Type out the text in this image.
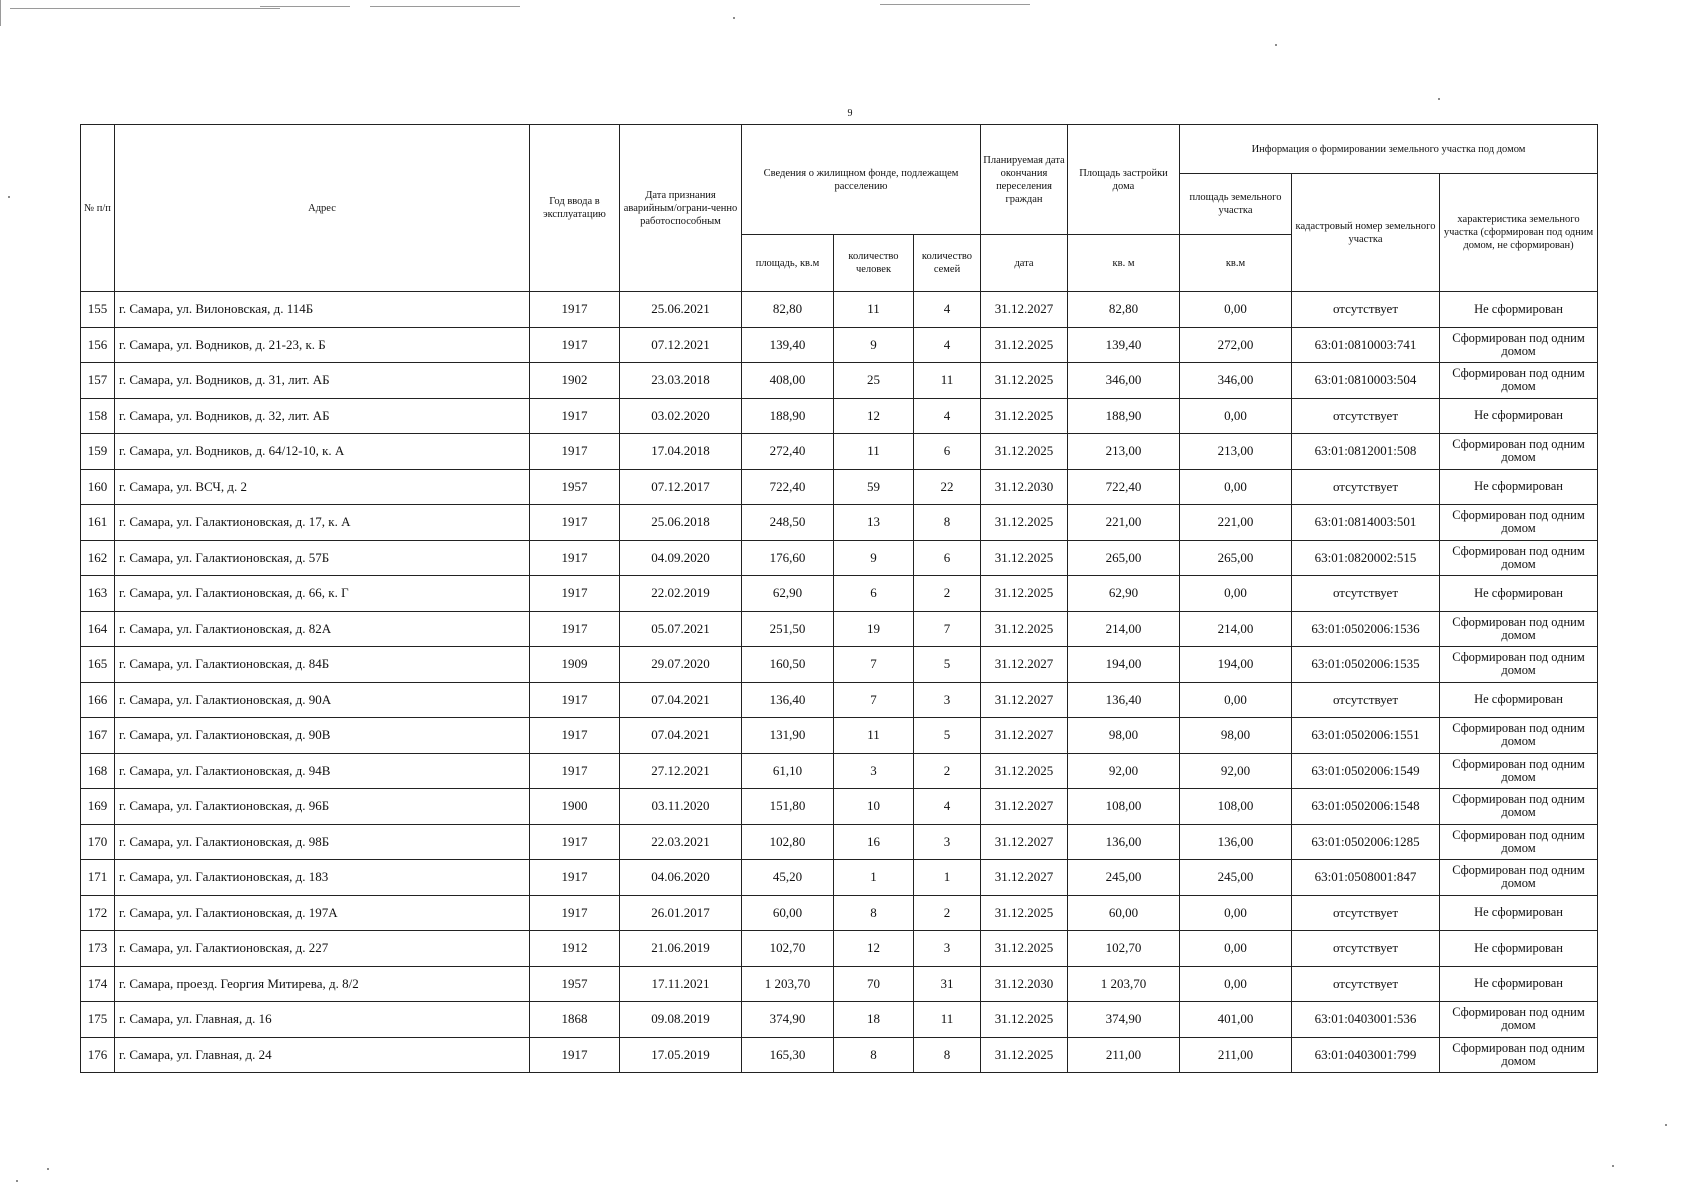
9
№ п/п	Адрес	Год ввода в эксплуатацию	Дата признания аварийным/ограни-ченно работоспособным	Сведения о жилищном фонде, подлежащем расселению			Планируемая дата окончания переселения граждан	Площадь застройки дома	Информация о формировании земельного участка под домом		
									площадь земельного участка	кадастровый номер земельного участка	характеристика земельного участка (сформирован под одним домом, не сформирован)
				площадь, кв.м	количество человек	количество семей	дата	кв. м	кв.м		
155	г. Самара, ул. Вилоновская, д. 114Б	1917	25.06.2021	82,80	11	4	31.12.2027	82,80	0,00	отсутствует	Не сформирован
156	г. Самара, ул. Водников, д. 21-23, к. Б	1917	07.12.2021	139,40	9	4	31.12.2025	139,40	272,00	63:01:0810003:741	Сформирован под одним домом
157	г. Самара, ул. Водников, д. 31, лит. АБ	1902	23.03.2018	408,00	25	11	31.12.2025	346,00	346,00	63:01:0810003:504	Сформирован под одним домом
158	г. Самара, ул. Водников, д. 32, лит. АБ	1917	03.02.2020	188,90	12	4	31.12.2025	188,90	0,00	отсутствует	Не сформирован
159	г. Самара, ул. Водников, д. 64/12-10, к. А	1917	17.04.2018	272,40	11	6	31.12.2025	213,00	213,00	63:01:0812001:508	Сформирован под одним домом
160	г. Самара, ул. ВСЧ, д. 2	1957	07.12.2017	722,40	59	22	31.12.2030	722,40	0,00	отсутствует	Не сформирован
161	г. Самара, ул. Галактионовская, д. 17, к. А	1917	25.06.2018	248,50	13	8	31.12.2025	221,00	221,00	63:01:0814003:501	Сформирован под одним домом
162	г. Самара, ул. Галактионовская, д. 57Б	1917	04.09.2020	176,60	9	6	31.12.2025	265,00	265,00	63:01:0820002:515	Сформирован под одним домом
163	г. Самара, ул. Галактионовская, д. 66, к. Г	1917	22.02.2019	62,90	6	2	31.12.2025	62,90	0,00	отсутствует	Не сформирован
164	г. Самара, ул. Галактионовская, д. 82А	1917	05.07.2021	251,50	19	7	31.12.2025	214,00	214,00	63:01:0502006:1536	Сформирован под одним домом
165	г. Самара, ул. Галактионовская, д. 84Б	1909	29.07.2020	160,50	7	5	31.12.2027	194,00	194,00	63:01:0502006:1535	Сформирован под одним домом
166	г. Самара, ул. Галактионовская, д. 90А	1917	07.04.2021	136,40	7	3	31.12.2027	136,40	0,00	отсутствует	Не сформирован
167	г. Самара, ул. Галактионовская, д. 90В	1917	07.04.2021	131,90	11	5	31.12.2027	98,00	98,00	63:01:0502006:1551	Сформирован под одним домом
168	г. Самара, ул. Галактионовская, д. 94В	1917	27.12.2021	61,10	3	2	31.12.2025	92,00	92,00	63:01:0502006:1549	Сформирован под одним домом
169	г. Самара, ул. Галактионовская, д. 96Б	1900	03.11.2020	151,80	10	4	31.12.2027	108,00	108,00	63:01:0502006:1548	Сформирован под одним домом
170	г. Самара, ул. Галактионовская, д. 98Б	1917	22.03.2021	102,80	16	3	31.12.2027	136,00	136,00	63:01:0502006:1285	Сформирован под одним домом
171	г. Самара, ул. Галактионовская, д. 183	1917	04.06.2020	45,20	1	1	31.12.2027	245,00	245,00	63:01:0508001:847	Сформирован под одним домом
172	г. Самара, ул. Галактионовская, д. 197А	1917	26.01.2017	60,00	8	2	31.12.2025	60,00	0,00	отсутствует	Не сформирован
173	г. Самара, ул. Галактионовская, д. 227	1912	21.06.2019	102,70	12	3	31.12.2025	102,70	0,00	отсутствует	Не сформирован
174	г. Самара, проезд. Георгия Митирева, д. 8/2	1957	17.11.2021	1 203,70	70	31	31.12.2030	1 203,70	0,00	отсутствует	Не сформирован
175	г. Самара, ул. Главная, д. 16	1868	09.08.2019	374,90	18	11	31.12.2025	374,90	401,00	63:01:0403001:536	Сформирован под одним домом
176	г. Самара, ул. Главная, д. 24	1917	17.05.2019	165,30	8	8	31.12.2025	211,00	211,00	63:01:0403001:799	Сформирован под одним домом
